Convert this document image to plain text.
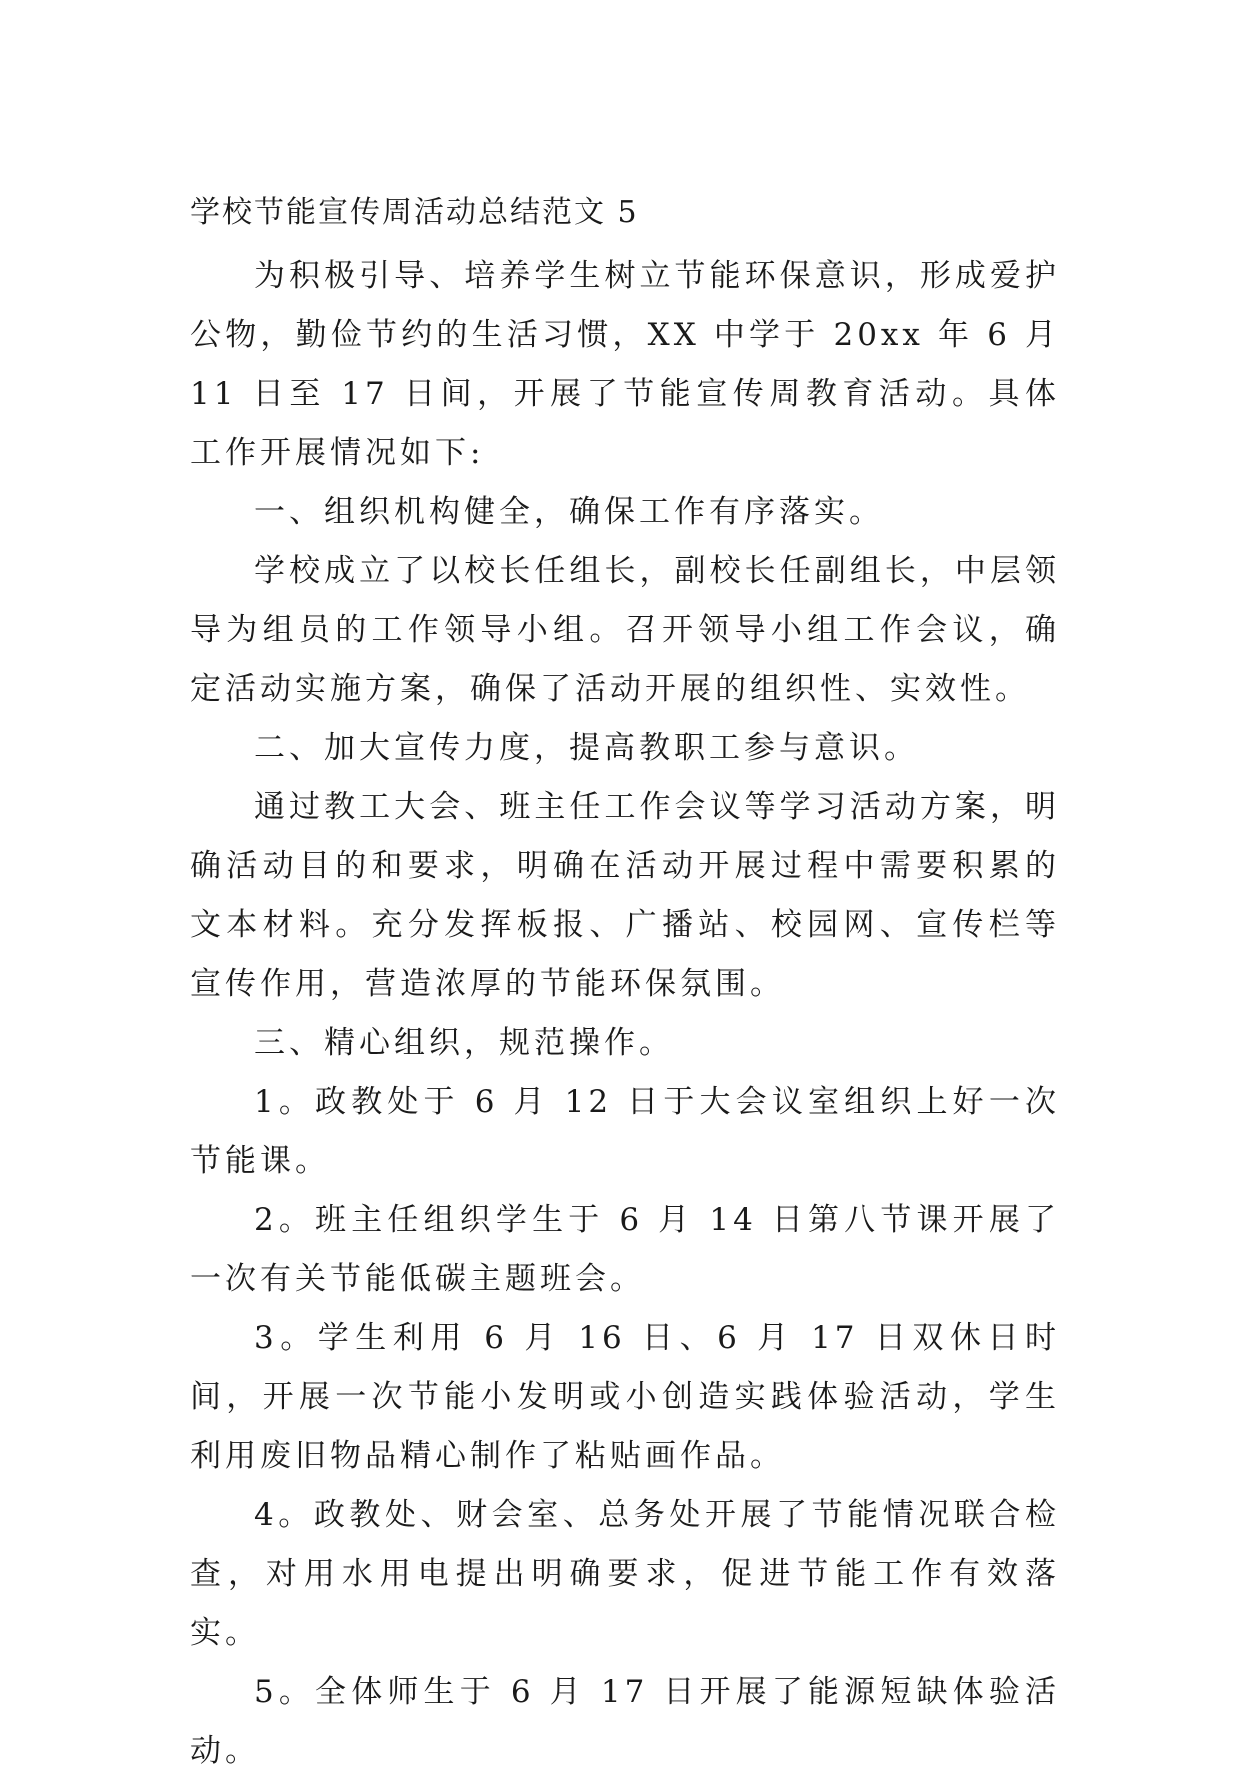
学校节能宣传周活动总结范文 5

为积极引导、培养学生树立节能环保意识，形成爱护公物，勤俭节约的生活习惯，XX 中学于 20xx 年 6 月 11 日至 17 日间，开展了节能宣传周教育活动。具体工作开展情况如下:

一、组织机构健全，确保工作有序落实。

学校成立了以校长任组长，副校长任副组长，中层领导为组员的工作领导小组。召开领导小组工作会议，确定活动实施方案，确保了活动开展的组织性、实效性。

二、加大宣传力度，提高教职工参与意识。

通过教工大会、班主任工作会议等学习活动方案，明确活动目的和要求，明确在活动开展过程中需要积累的文本材料。充分发挥板报、广播站、校园网、宣传栏等宣传作用，营造浓厚的节能环保氛围。

三、精心组织，规范操作。

1。政教处于 6 月 12 日于大会议室组织上好一次节能课。

2。班主任组织学生于 6 月 14 日第八节课开展了一次有关节能低碳主题班会。

3。学生利用 6 月 16 日、6 月 17 日双休日时间，开展一次节能小发明或小创造实践体验活动，学生利用废旧物品精心制作了粘贴画作品。

4。政教处、财会室、总务处开展了节能情况联合检查，对用水用电提出明确要求，促进节能工作有效落实。

5。全体师生于 6 月 17 日开展了能源短缺体验活动。
